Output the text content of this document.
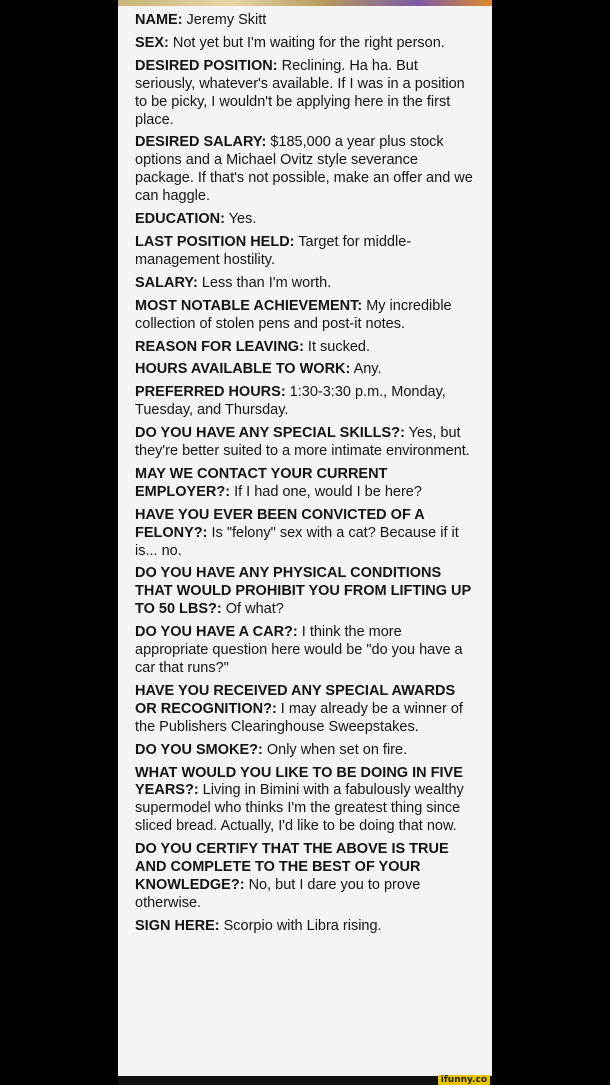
NAME: Jeremy Skitt

SEX: Not yet but I'm waiting for the right person.

DESIRED POSITION: Reclining. Ha ha. But seriously, whatever's available. If I was in a position to be picky, I wouldn't be applying here in the first place.

DESIRED SALARY: $185,000 a year plus stock options and a Michael Ovitz style severance package. If that's not possible, make an offer and we can haggle.

EDUCATION: Yes.

LAST POSITION HELD: Target for middle-management hostility.

SALARY: Less than I'm worth.

MOST NOTABLE ACHIEVEMENT: My incredible collection of stolen pens and post-it notes.

REASON FOR LEAVING: It sucked.

HOURS AVAILABLE TO WORK: Any.

PREFERRED HOURS: 1:30-3:30 p.m., Monday, Tuesday, and Thursday.

DO YOU HAVE ANY SPECIAL SKILLS?: Yes, but they're better suited to a more intimate environment.

MAY WE CONTACT YOUR CURRENT EMPLOYER?: If I had one, would I be here?

HAVE YOU EVER BEEN CONVICTED OF A FELONY?: Is "felony" sex with a cat? Because if it is... no.

DO YOU HAVE ANY PHYSICAL CONDITIONS THAT WOULD PROHIBIT YOU FROM LIFTING UP TO 50 LBS?: Of what?

DO YOU HAVE A CAR?: I think the more appropriate question here would be "do you have a car that runs?"

HAVE YOU RECEIVED ANY SPECIAL AWARDS OR RECOGNITION?: I may already be a winner of the Publishers Clearinghouse Sweepstakes.

DO YOU SMOKE?: Only when set on fire.

WHAT WOULD YOU LIKE TO BE DOING IN FIVE YEARS?: Living in Bimini with a fabulously wealthy supermodel who thinks I'm the greatest thing since sliced bread. Actually, I'd like to be doing that now.

DO YOU CERTIFY THAT THE ABOVE IS TRUE AND COMPLETE TO THE BEST OF YOUR KNOWLEDGE?: No, but I dare you to prove otherwise.

SIGN HERE: Scorpio with Libra rising.

ifunny.co
